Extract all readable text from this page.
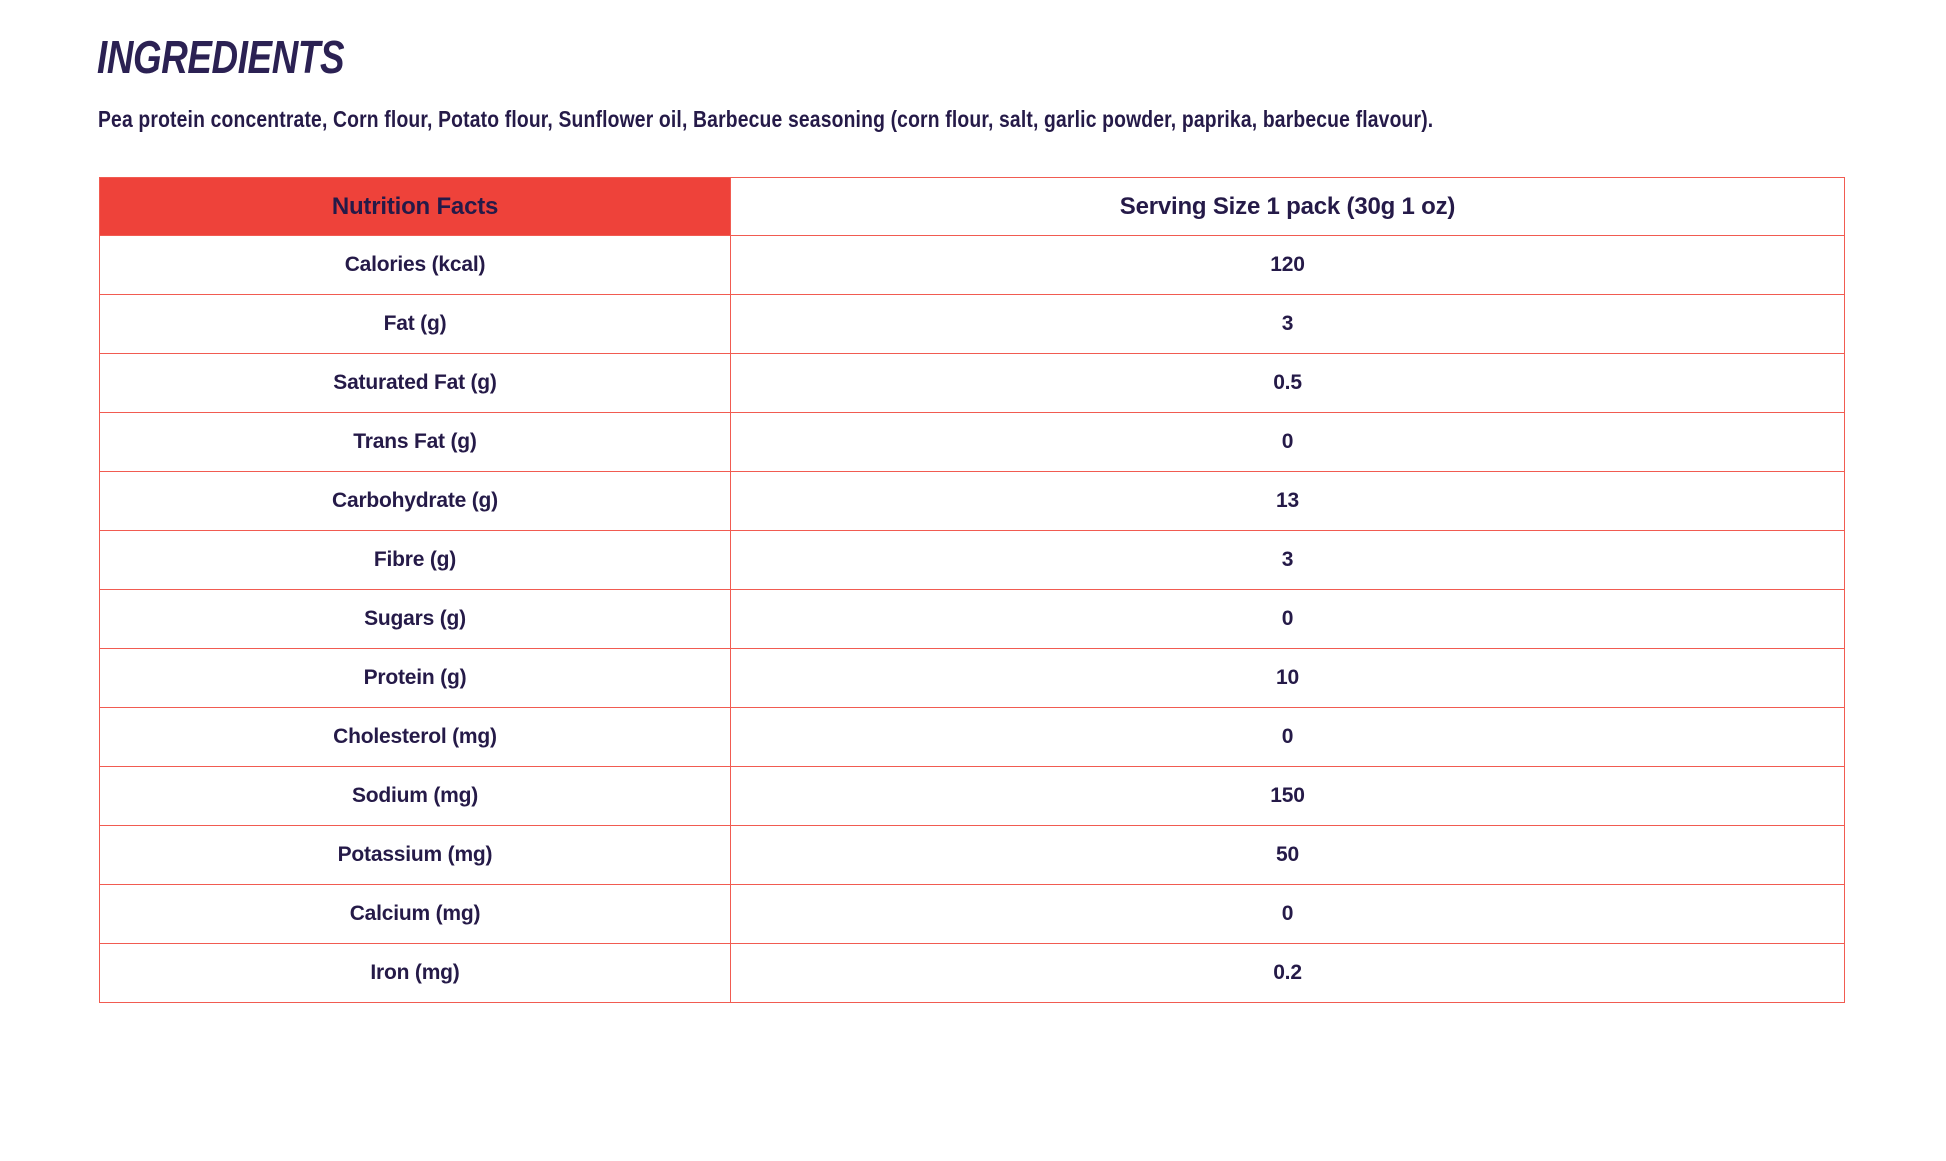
INGREDIENTS

Pea protein concentrate, Corn flour, Potato flour, Sunflower oil, Barbecue seasoning (corn flour, salt, garlic powder, paprika, barbecue flavour).

Nutrition Facts	Serving Size 1 pack (30g 1 oz)
Calories (kcal)	120
Fat (g)	3
Saturated Fat (g)	0.5
Trans Fat (g)	0
Carbohydrate (g)	13
Fibre (g)	3
Sugars (g)	0
Protein (g)	10
Cholesterol (mg)	0
Sodium (mg)	150
Potassium (mg)	50
Calcium (mg)	0
Iron (mg)	0.2
